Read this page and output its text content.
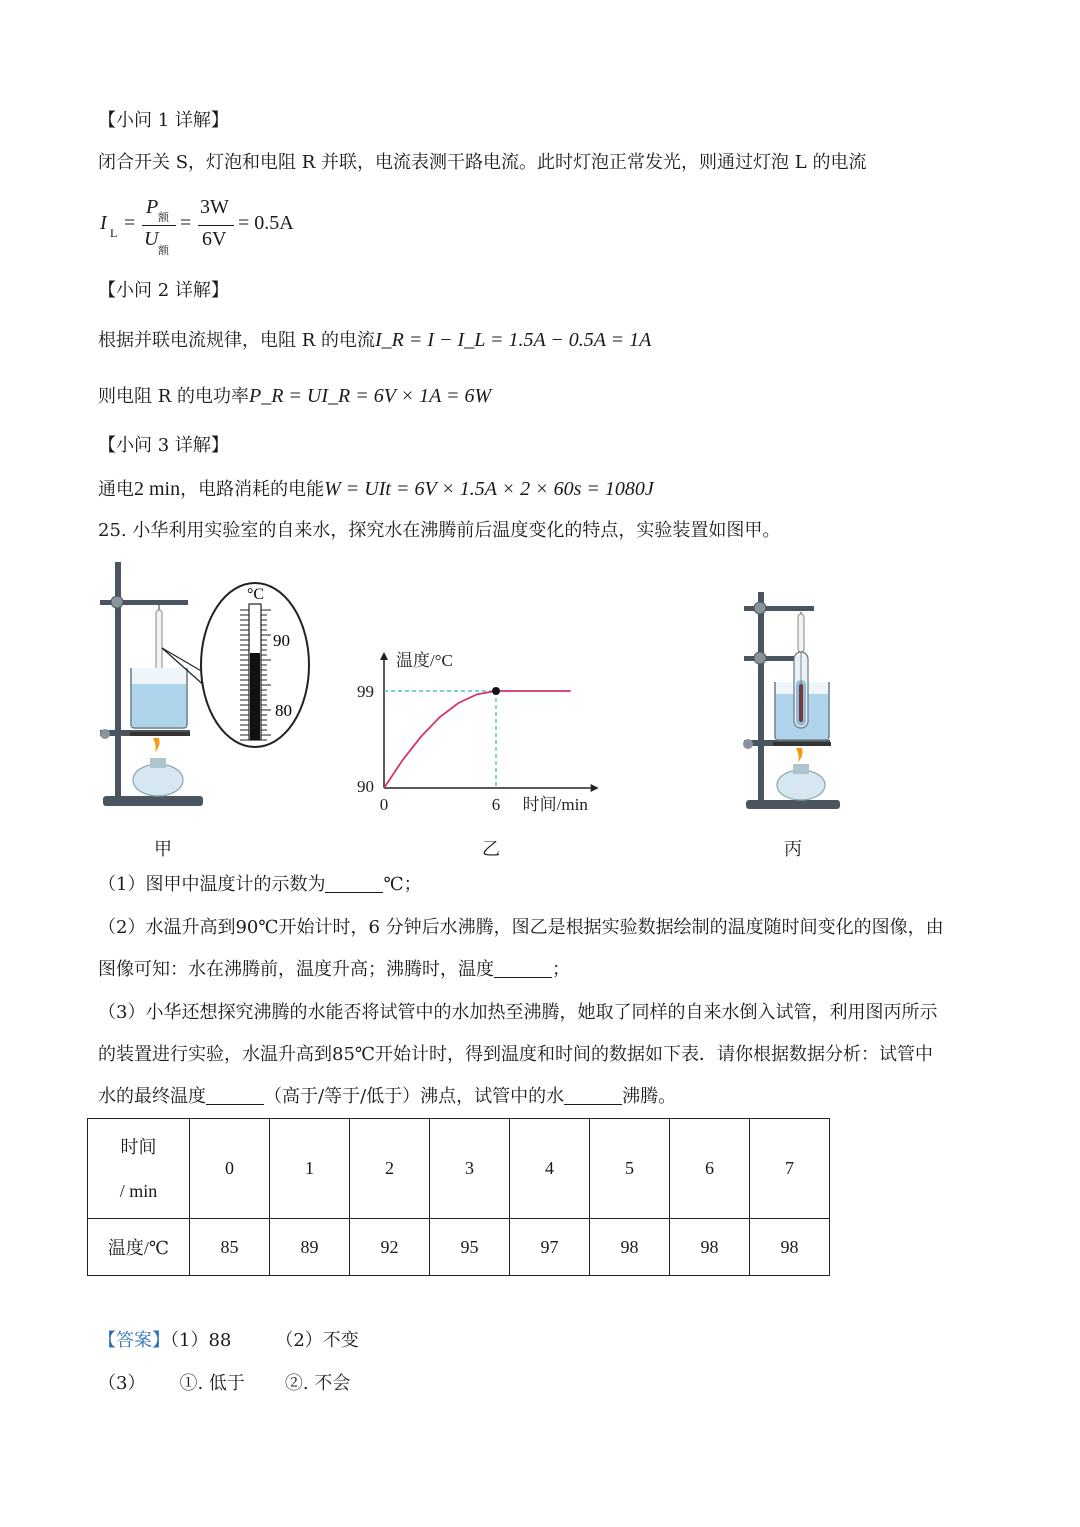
【小问 1 详解】
闭合开关 S，灯泡和电阻 R 并联，电流表测干路电流。此时灯泡正常发光，则通过灯泡 L 的电流
I L =
P 额
U
额
=
3W
6V
= 0.5A
【小问 2 详解】
根据并联电流规律，电阻 R 的电流I_R = I − I_L = 1.5A − 0.5A = 1A
则电阻 R 的电功率P_R = UI_R = 6V × 1A = 6W
【小问 3 详解】
通电2 min，电路消耗的电能W = UIt = 6V × 1.5A × 2 × 60s = 1080J
25. 小华利用实验室的自来水，探究水在沸腾前后温度变化的特点，实验装置如图甲。
°C
90
80
99
90
0	6
温度/°C
时间/min
甲	乙	丙
（1）图甲中温度计的示数为	℃；
（2）水温升高到90℃开始计时，6 分钟后水沸腾，图乙是根据实验数据绘制的温度随时间变化的图像，由
图像可知：水在沸腾前，温度升高；沸腾时，温度	；
（3）小华还想探究沸腾的水能否将试管中的水加热至沸腾，她取了同样的自来水倒入试管，利用图丙所示
的装置进行实验，水温升高到85℃开始计时，得到温度和时间的数据如下表．请你根据数据分析：试管中
水的最终温度	（高于/等于/低于）沸点，试管中的水	沸腾。
时间
/ min	0	1	2	3	4	5	6	7
温度/℃	85	89	92	95	97	98	98	98
【答案】（1）88 （2）不变
（3） ①. 低于 ②. 不会
